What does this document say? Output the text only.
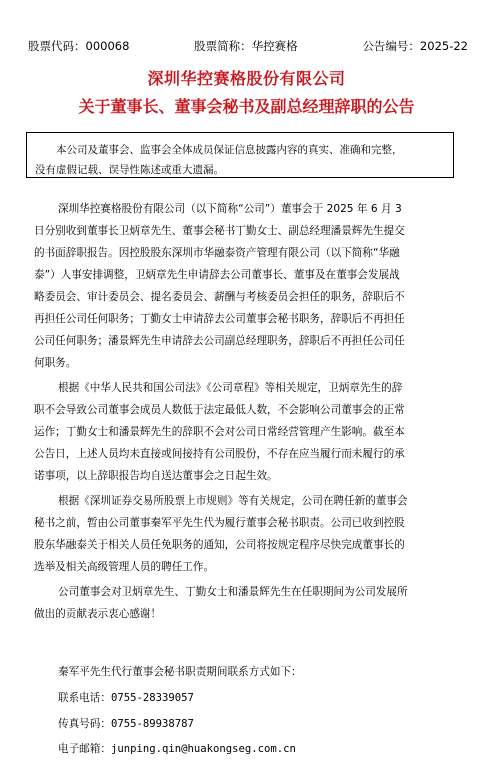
股票代码：000068	股票简称：华控赛格	公告编号：2025-22
深圳华控赛格股份有限公司
关于董事长、董事会秘书及副总经理辞职的公告

本公司及董事会、监事会全体成员保证信息披露内容的真实、准确和完整，

没有虚假记载、误导性陈述或重大遗漏。

深圳华控赛格股份有限公司（以下简称“公司”）董事会于 2025 年 6 月 3
日分别收到董事长卫炳章先生、董事会秘书丁勤女士、副总经理潘景辉先生提交
的书面辞职报告。因控股股东深圳市华融泰资产管理有限公司（以下简称“华融
泰”）人事安排调整，卫炳章先生申请辞去公司董事长、董事及在董事会发展战
略委员会、审计委员会、提名委员会、薪酬与考核委员会担任的职务，辞职后不
再担任公司任何职务；丁勤女士申请辞去公司董事会秘书职务，辞职后不再担任
公司任何职务；潘景辉先生申请辞去公司副总经理职务，辞职后不再担任公司任
何职务。
根据《中华人民共和国公司法》《公司章程》等相关规定，卫炳章先生的辞
职不会导致公司董事会成员人数低于法定最低人数，不会影响公司董事会的正常
运作；丁勤女士和潘景辉先生的辞职不会对公司日常经营管理产生影响。截至本
公告日，上述人员均未直接或间接持有公司股份，不存在应当履行而未履行的承
诺事项，以上辞职报告均自送达董事会之日起生效。
根据《深圳证券交易所股票上市规则》等有关规定，公司在聘任新的董事会
秘书之前，暂由公司董事秦军平先生代为履行董事会秘书职责。公司已收到控股
股东华融泰关于相关人员任免职务的通知，公司将按规定程序尽快完成董事长的
选举及相关高级管理人员的聘任工作。
公司董事会对卫炳章先生、丁勤女士和潘景辉先生在任职期间为公司发展所
做出的贡献表示衷心感谢！
秦军平先生代行董事会秘书职责期间联系方式如下：
联系电话：0755-28339057
传真号码：0755-89938787
电子邮箱：junping.qin@huakongseg.com.cn
